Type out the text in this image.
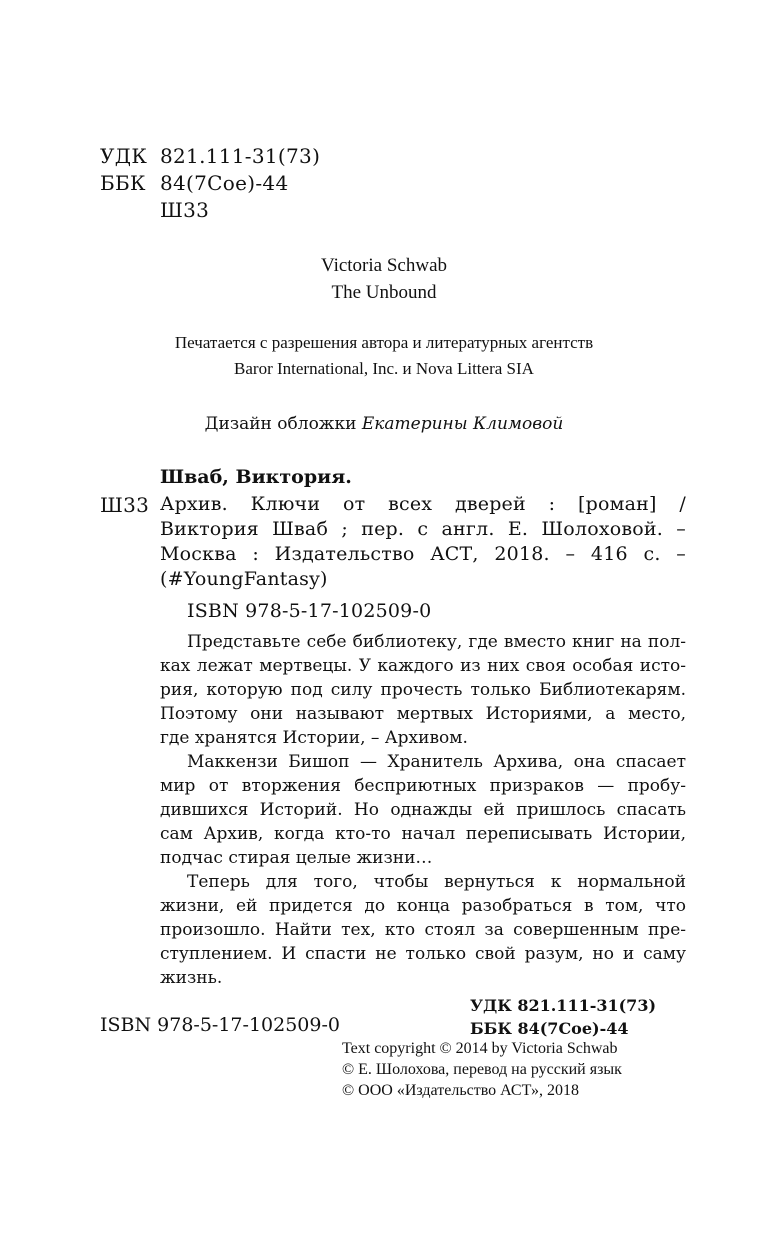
УДК 821.111-31(73)
ББК 84(7Сое)-44
Ш33
Victoria Schwab
The Unbound
Печатается с разрешения автора и литературных агентств
Baror International, Inc. и Nova Littera SIA
Дизайн обложки Екатерины Климовой
Шваб, Виктория.
Ш33 Архив. Ключи от всех дверей : [роман] /
Виктория Шваб ; пер. с англ. Е. Шолоховой. –
Москва : Издательство АСТ, 2018. – 416 с. –
(#YoungFantasy)
ISBN 978-5-17-102509-0
Представьте себе библиотеку, где вместо книг на пол-
ках лежат мертвецы. У каждого из них своя особая исто-
рия, которую под силу прочесть только Библиотекарям.
Поэтому они называют мертвых Историями, а место,
где хранятся Истории, – Архивом.
Маккензи Бишоп — Хранитель Архива, она спасает
мир от вторжения бесприютных призраков — пробу-
дившихся Историй. Но однажды ей пришлось спасать
сам Архив, когда кто-то начал переписывать Истории,
подчас стирая целые жизни…
Теперь для того, чтобы вернуться к нормальной
жизни, ей придется до конца разобраться в том, что
произошло. Найти тех, кто стоял за совершенным пре-
ступлением. И спасти не только свой разум, но и саму
жизнь.
УДК 821.111-31(73)
ББК 84(7Сое)-44
ISBN 978-5-17-102509-0
Text copyright © 2014 by Victoria Schwab
© Е. Шолохова, перевод на русский язык
© ООО «Издательство АСТ», 2018
